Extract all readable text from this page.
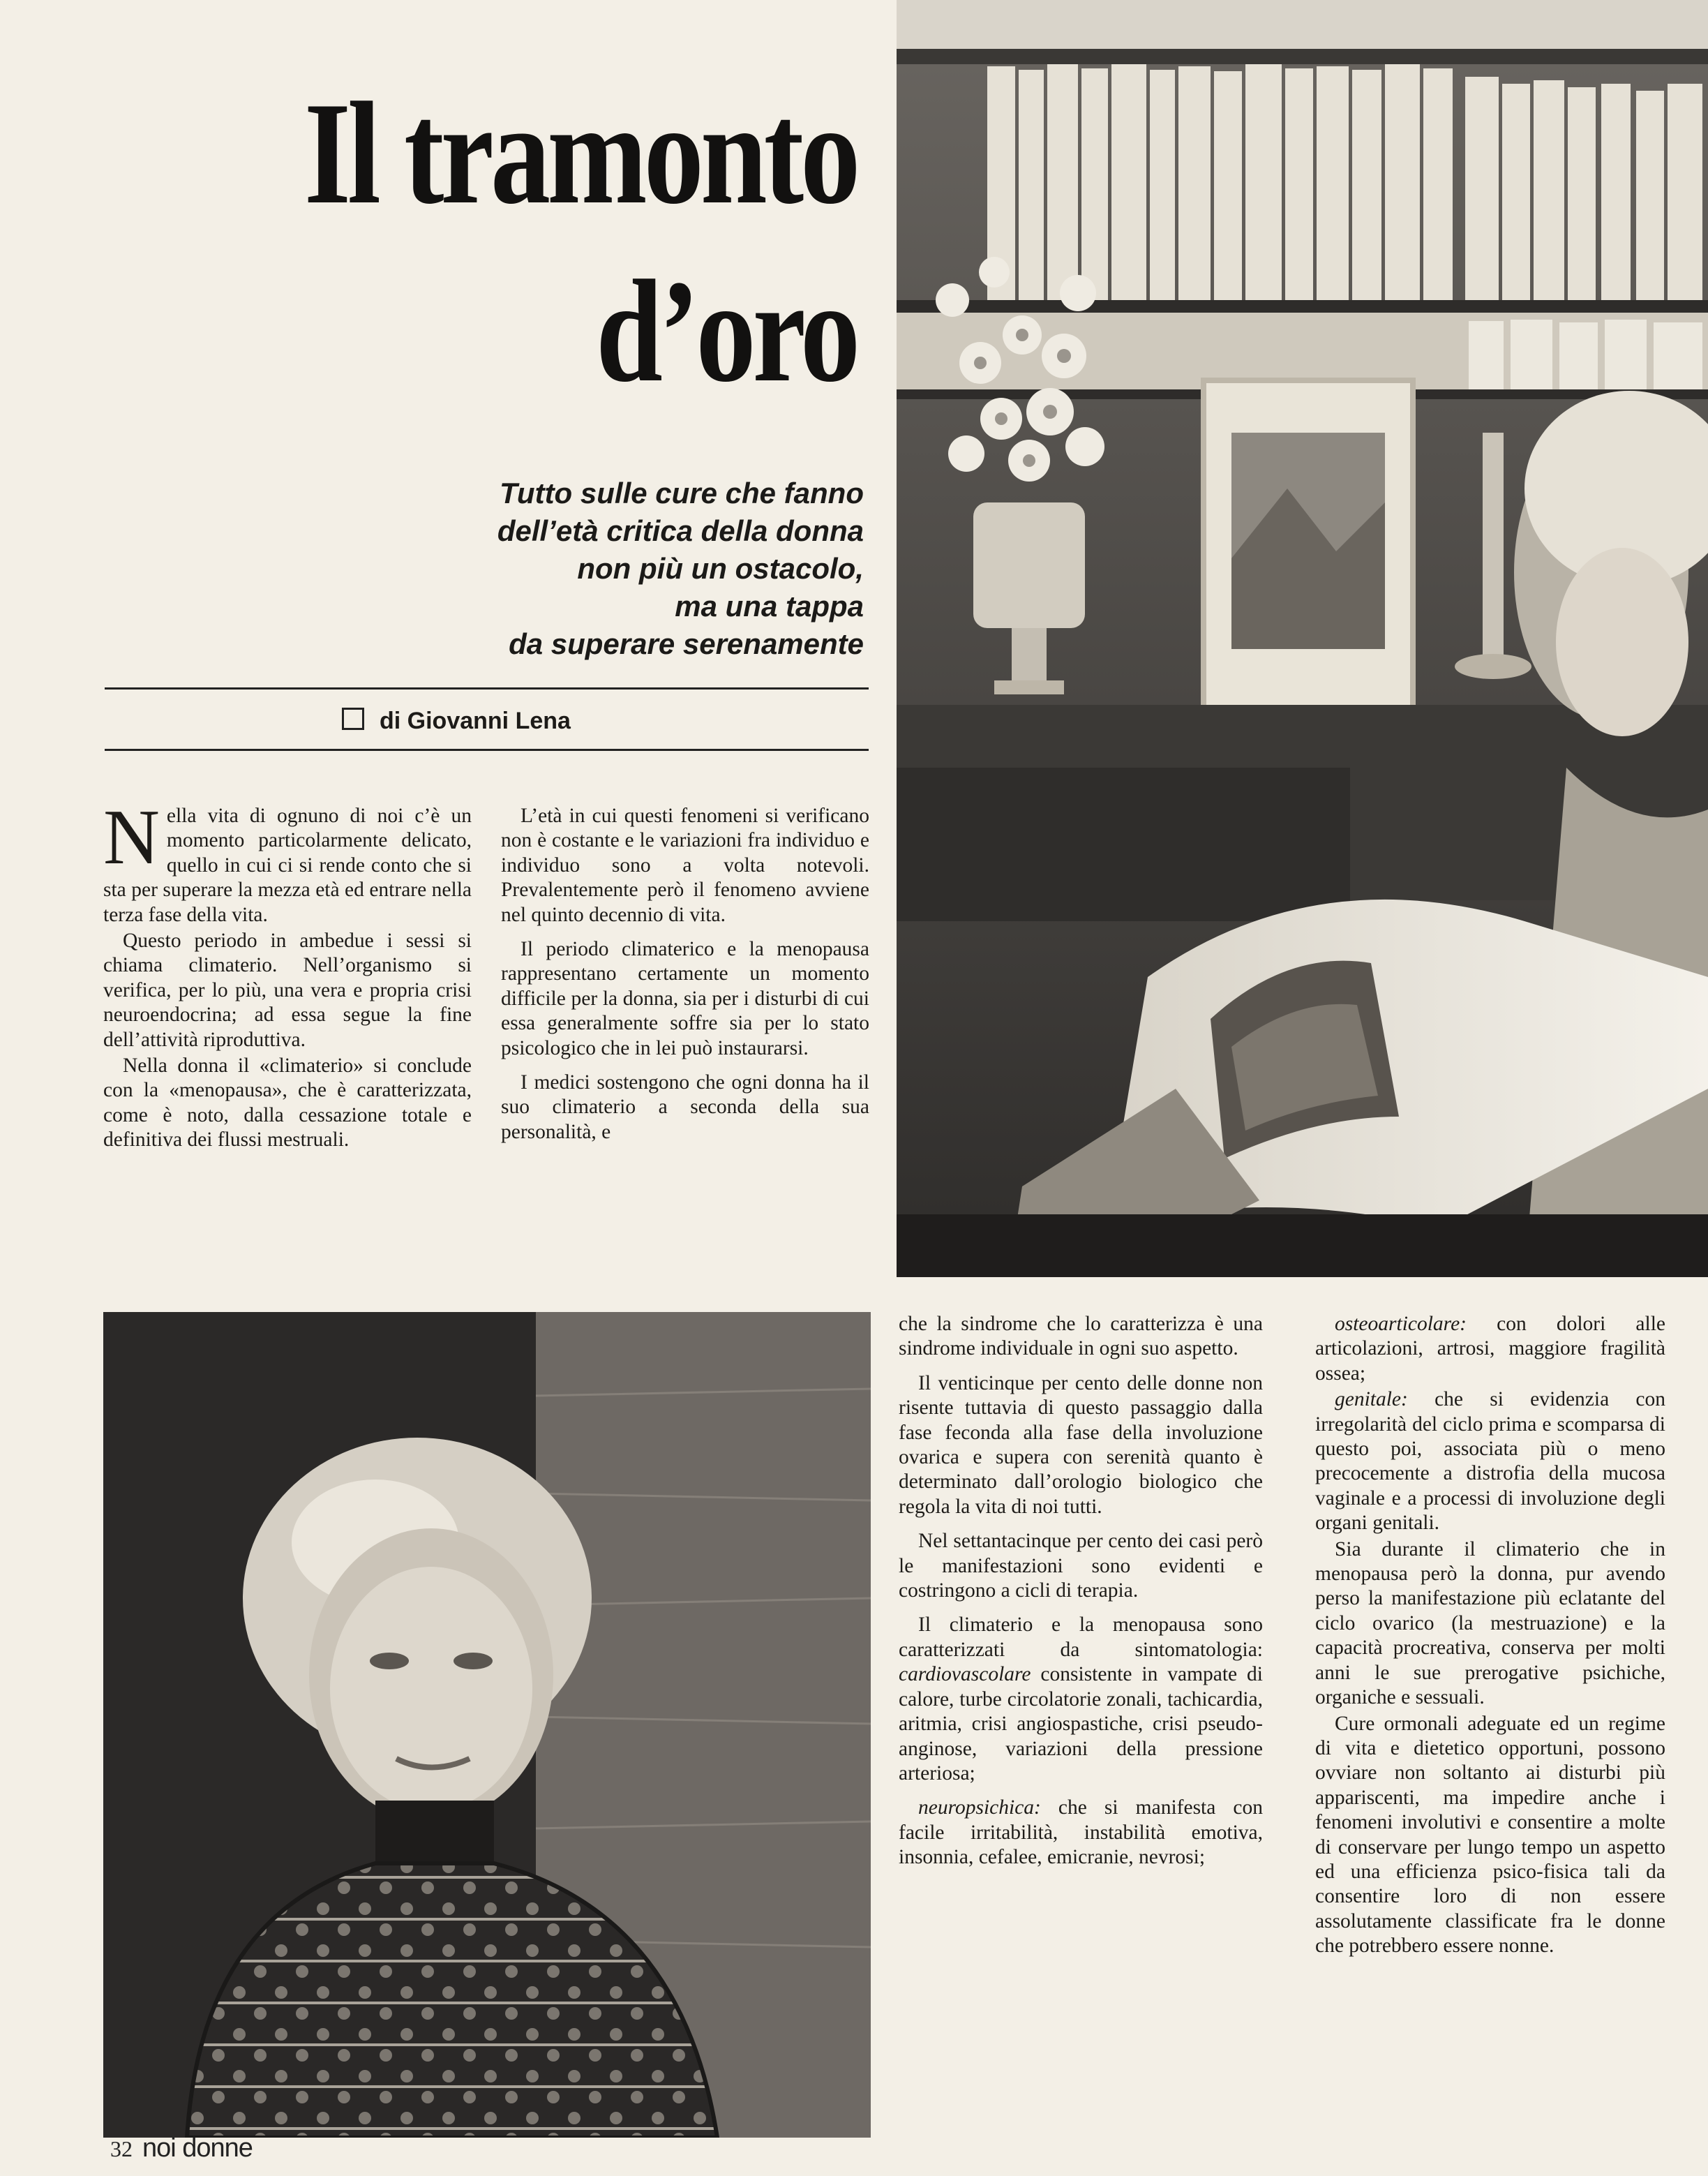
Il tramonto
d’oro
Tutto sulle cure che fanno
dell’età critica della donna
non più un ostacolo,
ma una tappa
da superare serenamente
di Giovanni Lena

Nella vita di ognuno di noi c’è un momento particolarmente delicato, quello in cui ci si rende conto che si sta per superare la mezza età ed entrare nella terza fase della vita.

Questo periodo in ambedue i sessi si chiama climaterio. Nell’organismo si verifica, per lo più, una vera e propria crisi neuroendocrina; ad essa segue la fine dell’attività riproduttiva.

Nella donna il «climaterio» si conclude con la «menopausa», che è caratterizzata, come è noto, dalla cessazione totale e definitiva dei flussi mestruali.

L’età in cui questi fenomeni si verificano non è costante e le variazioni fra individuo e individuo sono a volta notevoli. Prevalentemente però il fenomeno avviene nel quinto decennio di vita.

Il periodo climaterico e la menopausa rappresentano certamente un momento difficile per la donna, sia per i disturbi di cui essa generalmente soffre sia per lo stato psicologico che in lei può instaurarsi.

I medici sostengono che ogni donna ha il suo climaterio a seconda della sua personalità, e

che la sindrome che lo caratterizza è una sindrome individuale in ogni suo aspetto.

Il venticinque per cento delle donne non risente tuttavia di questo passaggio dalla fase feconda alla fase della involuzione ovarica e supera con serenità quanto è determinato dall’orologio biologico che regola la vita di noi tutti.

Nel settantacinque per cento dei casi però le manifestazioni sono evidenti e costringono a cicli di terapia.

Il climaterio e la menopausa sono caratterizzati da sintomatologia: cardiovascolare consistente in vampate di calore, turbe circolatorie zonali, tachicardia, aritmia, crisi angiospastiche, crisi pseudo-anginose, variazioni della pressione arteriosa;

neuropsichica: che si manifesta con facile irritabilità, instabilità emotiva, insonnia, cefalee, emicranie, nevrosi;

osteoarticolare: con dolori alle articolazioni, artrosi, maggiore fragilità ossea;

genitale: che si evidenzia con irregolarità del ciclo prima e scomparsa di questo poi, associata più o meno precocemente a distrofia della mucosa vaginale e a processi di involuzione degli organi genitali.

Sia durante il climaterio che in menopausa però la donna, pur avendo perso la manifestazione più eclatante del ciclo ovarico (la mestruazione) e la capacità procreativa, conserva per molti anni le sue prerogative psichiche, organiche e sessuali.

Cure ormonali adeguate ed un regime di vita e dietetico opportuni, possono ovviare non soltanto ai disturbi più appariscenti, ma impedire anche i fenomeni involutivi e consentire a molte di conservare per lungo tempo un aspetto ed una efficienza psico-fisica tali da consentire loro di non essere assolutamente classificate fra le donne che potrebbero essere nonne.

32 noi donne
